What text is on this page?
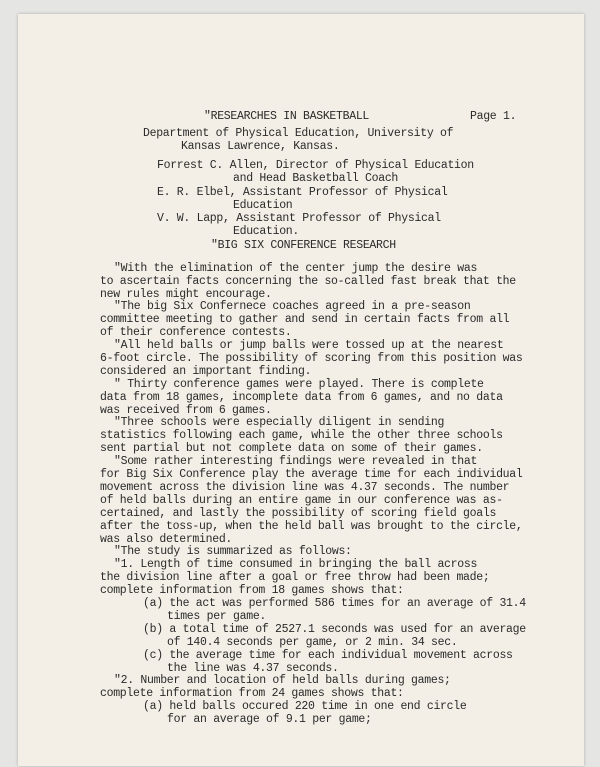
"RESEARCHES IN BASKETBALL	Page 1.
Department of Physical Education, University of
Kansas Lawrence, Kansas.
Forrest C. Allen, Director of Physical Education
and Head Basketball Coach
E. R. Elbel, Assistant Professor of Physical
Education
V. W. Lapp, Assistant Professor of Physical
Education.
"BIG SIX CONFERENCE RESEARCH
"With the elimination of the center jump the desire was
to ascertain facts concerning the so-called fast break that the
new rules might encourage.
"The big Six Confernece coaches agreed in a pre-season
committee meeting to gather and send in certain facts from all
of their conference contests.
"All held balls or jump balls were tossed up at the nearest
6-foot circle. The possibility of scoring from this position was
considered an important finding.
" Thirty conference games were played. There is complete
data from 18 games, incomplete data from 6 games, and no data
was received from 6 games.
"Three schools were especially diligent in sending
statistics following each game, while the other three schools
sent partial but not complete data on some of their games.
"Some rather interesting findings were revealed in that
for Big Six Conference play the average time for each individual
movement across the division line was 4.37 seconds. The number
of held balls during an entire game in our conference was as-
certained, and lastly the possibility of scoring field goals
after the toss-up, when the held ball was brought to the circle,
was also determined.
"The study is summarized as follows:
"1. Length of time consumed in bringing the ball across
the division line after a goal or free throw had been made;
complete information from 18 games shows that:
(a) the act was performed 586 times for an average of 31.4
times per game.
(b) a total time of 2527.1 seconds was used for an average
of 140.4 seconds per game, or 2 min. 34 sec.
(c) the average time for each individual movement across
the line was 4.37 seconds.
"2. Number and location of held balls during games;
complete information from 24 games shows that:
(a) held balls occured 220 time in one end circle
for an average of 9.1 per game;
